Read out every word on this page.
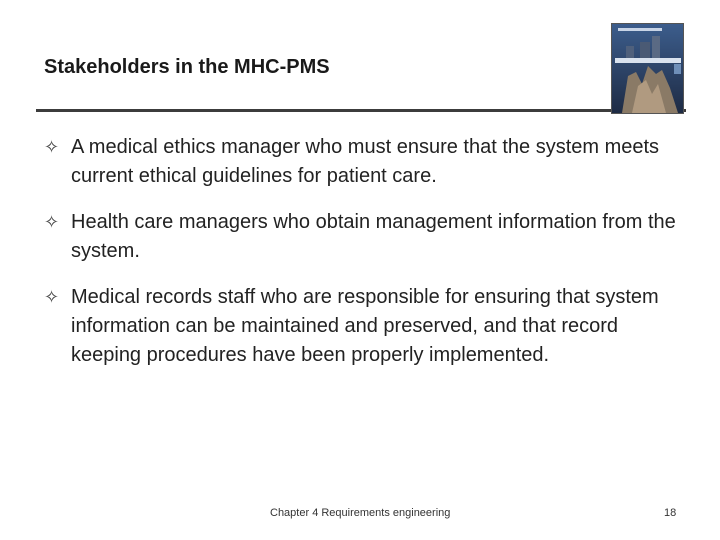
Stakeholders in the MHC-PMS
✧ A medical ethics manager who must ensure that the system meets current ethical guidelines for patient care.
✧ Health care managers who obtain management information from the system.
✧ Medical records staff who are responsible for ensuring that system information can be maintained and preserved, and that record keeping procedures have been properly implemented.
Chapter 4 Requirements engineering	18
